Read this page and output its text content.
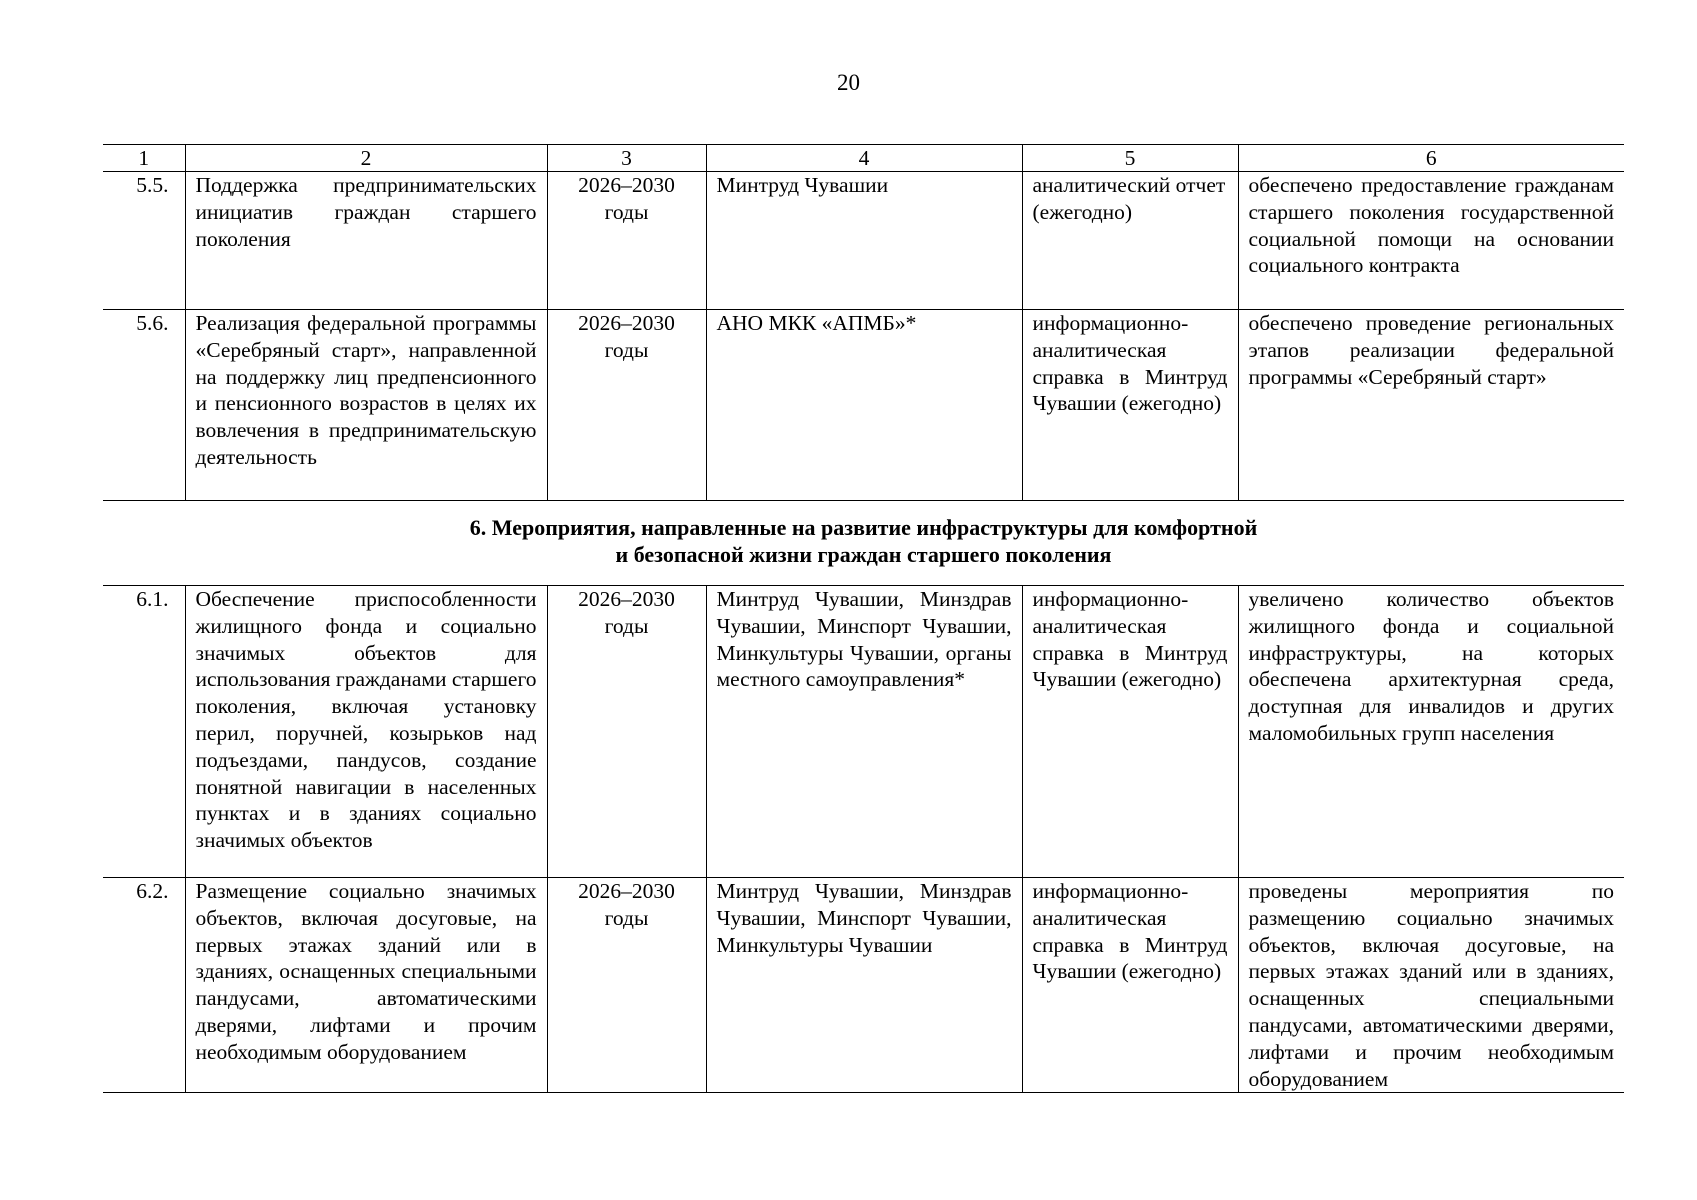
20
1	2	3	4	5	6
5.5.	Поддержка предпринимательских инициатив граждан старшего поколения	2026–2030 годы	Минтруд Чувашии	аналитический отчет (ежегодно)	обеспечено предоставление гражданам старшего поколения государственной социальной помощи на основании социального контракта
5.6.	Реализация федеральной программы «Серебряный старт», направленной на поддержку лиц предпенсионного и пенсионного возрастов в целях их вовлечения в предпринимательскую деятельность	2026–2030 годы	АНО МКК «АПМБ»*	информационно-аналитическая справка в Минтруд Чувашии (ежегодно)	обеспечено проведение региональных этапов реализации федеральной программы «Серебряный старт»
6. Мероприятия, направленные на развитие инфраструктуры для комфортной
и безопасной жизни граждан старшего поколения
6.1.	Обеспечение приспособленности жилищного фонда и социально значимых объектов для использования гражданами старшего поколения, включая установку перил, поручней, козырьков над подъездами, пандусов, создание понятной навигации в населенных пунктах и в зданиях социально значимых объектов	2026–2030 годы	Минтруд Чувашии, Минздрав Чувашии, Минспорт Чувашии, Минкультуры Чувашии, органы местного самоуправления*	информационно-аналитическая справка в Минтруд Чувашии (ежегодно)	увеличено количество объектов жилищного фонда и социальной инфраструктуры, на которых обеспечена архитектурная среда, доступная для инвалидов и других маломобильных групп населения
6.2.	Размещение социально значимых объектов, включая досуговые, на первых этажах зданий или в зданиях, оснащенных специальными пандусами, автоматическими дверями, лифтами и прочим необходимым оборудованием	2026–2030 годы	Минтруд Чувашии, Минздрав Чувашии, Минспорт Чувашии, Минкультуры Чувашии	информационно-аналитическая справка в Минтруд Чувашии (ежегодно)	проведены мероприятия по размещению социально значимых объектов, включая досуговые, на первых этажах зданий или в зданиях, оснащенных специальными пандусами, автоматическими дверями, лифтами и прочим необходимым оборудованием
